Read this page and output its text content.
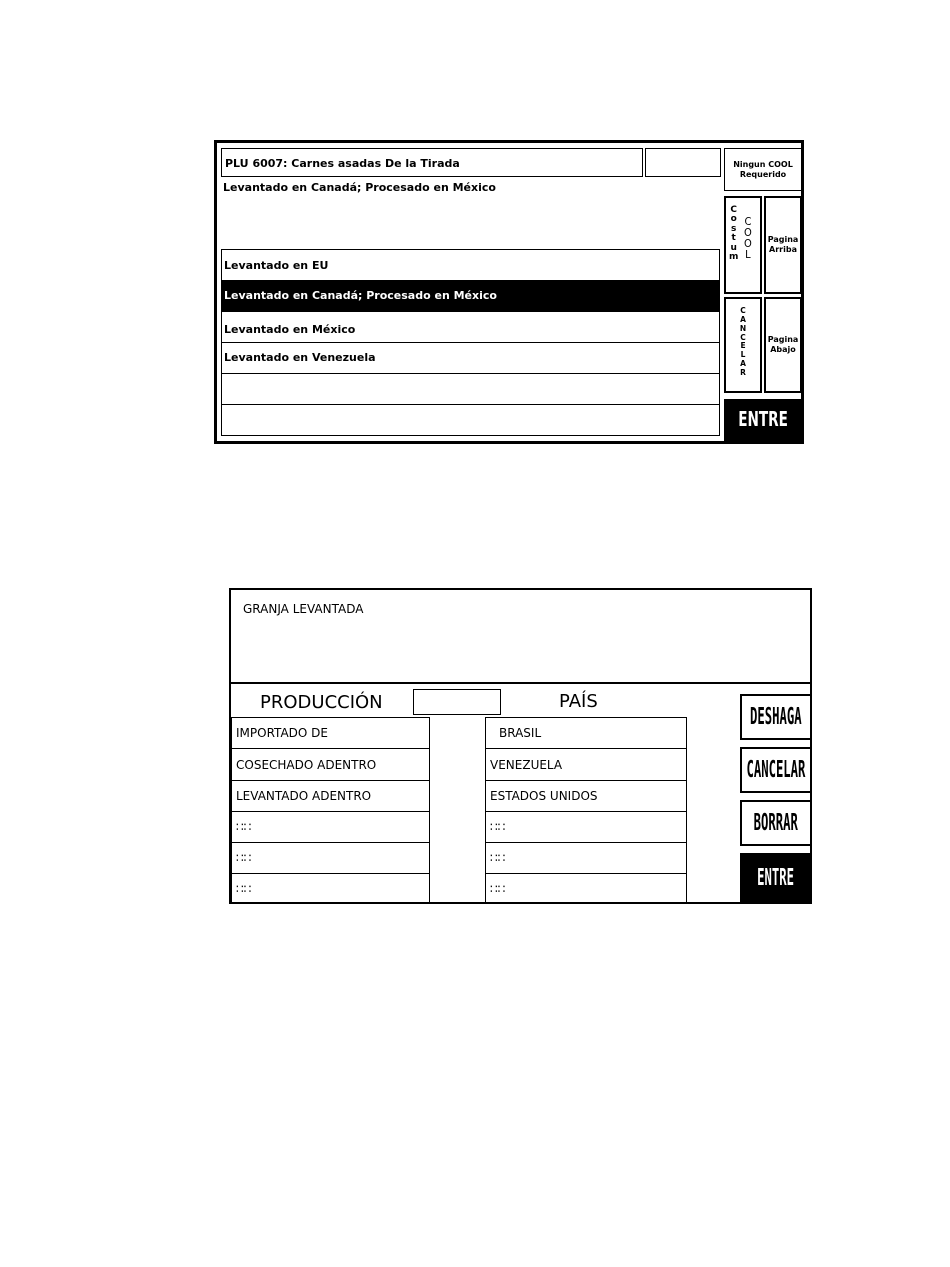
PLU 6007: Carnes asadas De la Tirada
Levantado en Canadá; Procesado en México
Levantado en EU
Levantado en Canadá; Procesado en México
Levantado en México
Levantado en Venezuela
Ningun COOL
Requerido
C
o
s
t
u
m
C
O
O
L
Pagina
Arriba
C
A
N
C
E
L
A
R
Pagina
Abajo
ENTRE
GRANJA LEVANTADA
PRODUCCIÓN	PAÍS
IMPORTADO DE
COSECHADO ADENTRO
LEVANTADO ADENTRO
∷∷
∷∷
∷∷
BRASIL
VENEZUELA
ESTADOS UNIDOS
∷∷
∷∷
∷∷
DESHAGA
CANCELAR
BORRAR
ENTRE
